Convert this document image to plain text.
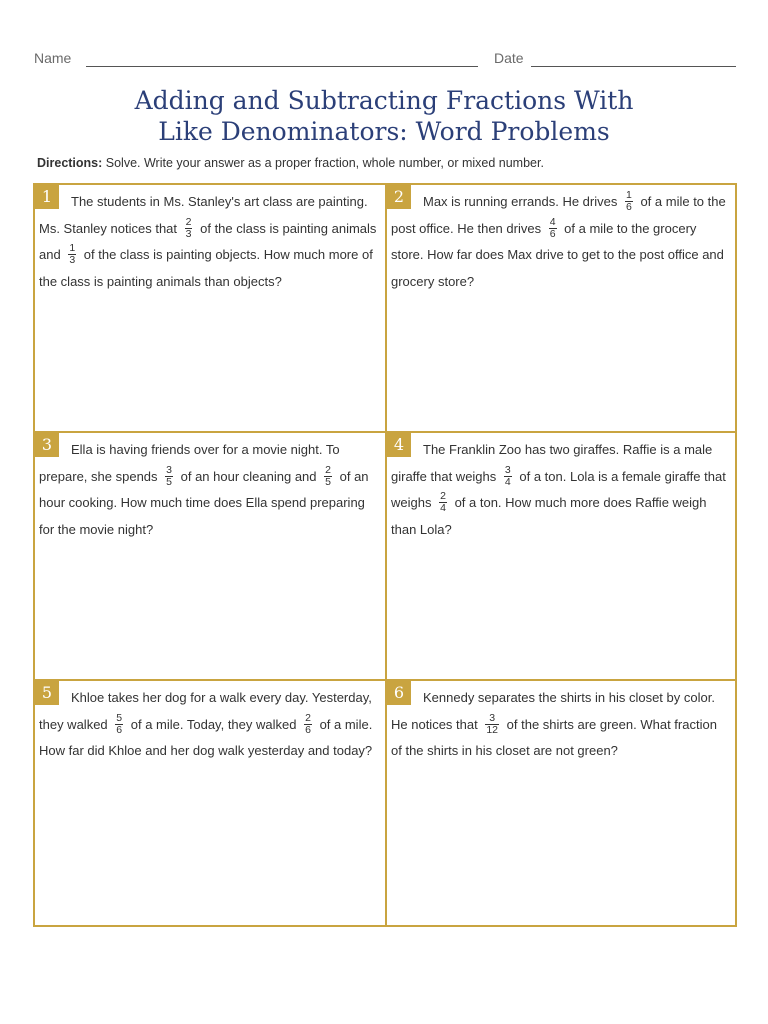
Name	Date
Adding and Subtracting Fractions With
Like Denominators: Word Problems
Directions: Solve. Write your answer as a proper fraction, whole number, or mixed number.
1	The students in Ms. Stanley's art class are painting. Ms. Stanley notices that $\frac{2}{3}$ of the class is painting animals and $\frac{1}{3}$ of the class is painting objects. How much more of the class is painting animals than objects?
2	Max is running errands. He drives $\frac{1}{6}$ of a mile to the post office. He then drives $\frac{4}{6}$ of a mile to the grocery store. How far does Max drive to get to the post office and grocery store?
3	Ella is having friends over for a movie night. To prepare, she spends $\frac{3}{5}$ of an hour cleaning and $\frac{2}{5}$ of an hour cooking. How much time does Ella spend preparing for the movie night?
4	The Franklin Zoo has two giraffes. Raffie is a male giraffe that weighs $\frac{3}{4}$ of a ton. Lola is a female giraffe that weighs $\frac{2}{4}$ of a ton. How much more does Raffie weigh than Lola?
5	Khloe takes her dog for a walk every day. Yesterday, they walked $\frac{5}{6}$ of a mile. Today, they walked $\frac{2}{6}$ of a mile. How far did Khloe and her dog walk yesterday and today?
6	Kennedy separates the shirts in his closet by color. He notices that $\frac{3}{12}$ of the shirts are green. What fraction of the shirts in his closet are not green?
